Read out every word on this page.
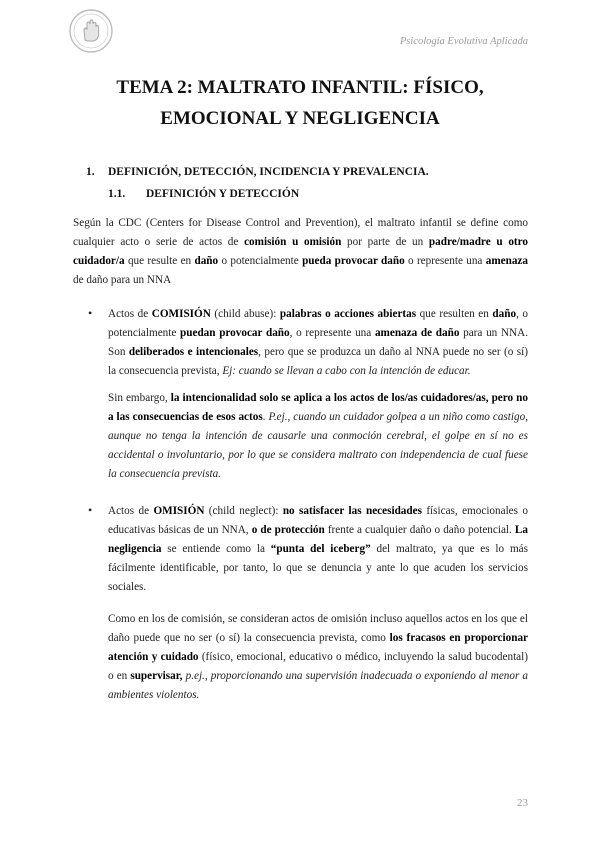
Psicología Evolutiva Aplicada
TEMA 2: MALTRATO INFANTIL: FÍSICO,
EMOCIONAL Y NEGLIGENCIA
1. DEFINICIÓN, DETECCIÓN, INCIDENCIA Y PREVALENCIA.
1.1. DEFINICIÓN Y DETECCIÓN
Según la CDC (Centers for Disease Control and Prevention), el maltrato infantil se define como cualquier acto o serie de actos de comisión u omisión por parte de un padre/madre u otro cuidador/a que resulte en daño o potencialmente pueda provocar daño o represente una amenaza de daño para un NNA
• Actos de COMISIÓN (child abuse): palabras o acciones abiertas que resulten en daño, o potencialmente puedan provocar daño, o represente una amenaza de daño para un NNA. Son deliberados e intencionales, pero que se produzca un daño al NNA puede no ser (o sí) la consecuencia prevista, Ej: cuando se llevan a cabo con la intención de educar.
Sin embargo, la intencionalidad solo se aplica a los actos de los/as cuidadores/as, pero no a las consecuencias de esos actos. P.ej., cuando un cuidador golpea a un niño como castigo, aunque no tenga la intención de causarle una conmoción cerebral, el golpe en sí no es accidental o involuntario, por lo que se considera maltrato con independencia de cual fuese la consecuencia prevista.
• Actos de OMISIÓN (child neglect): no satisfacer las necesidades físicas, emocionales o educativas básicas de un NNA, o de protección frente a cualquier daño o daño potencial. La negligencia se entiende como la “punta del iceberg” del maltrato, ya que es lo más fácilmente identificable, por tanto, lo que se denuncia y ante lo que acuden los servicios sociales.
Como en los de comisión, se consideran actos de omisión incluso aquellos actos en los que el daño puede que no ser (o sí) la consecuencia prevista, como los fracasos en proporcionar atención y cuidado (físico, emocional, educativo o médico, incluyendo la salud bucodental) o en supervisar, p.ej., proporcionando una supervisión inadecuada o exponiendo al menor a ambientes violentos.
23
